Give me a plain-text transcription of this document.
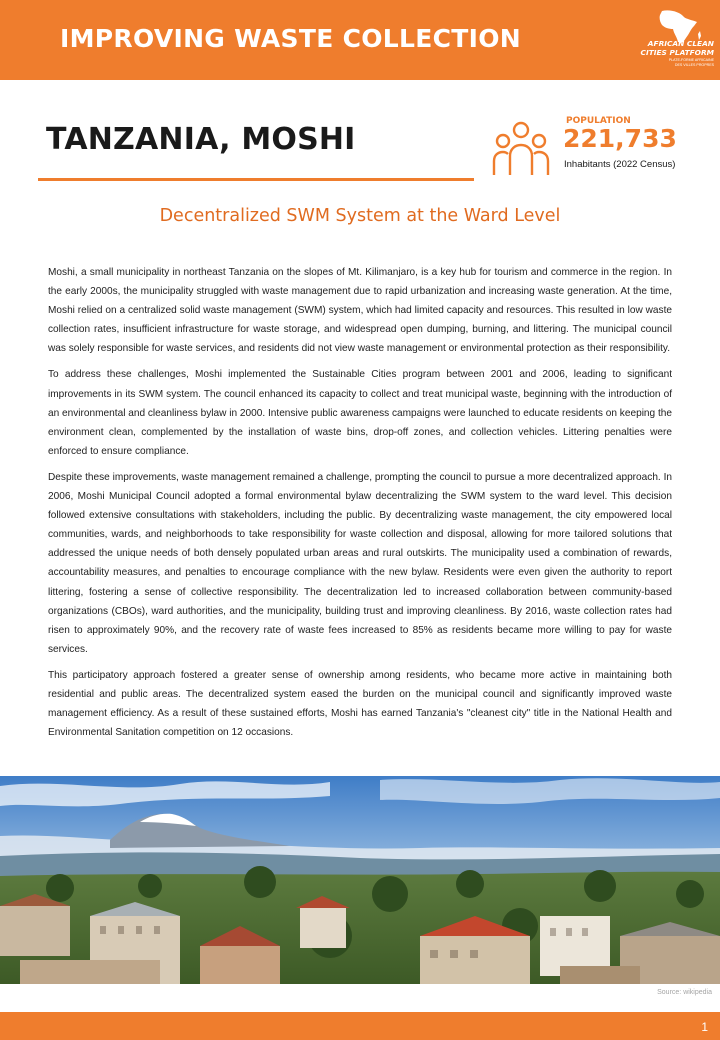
IMPROVING WASTE COLLECTION	AFRICAN CLEAN
CITIES PLATFORM
PLATE-FORME AFRICAINE
DES VILLES PROPRES
TANZANIA, MOSHI
POPULATION
221,733
Inhabitants (2022 Census)
Decentralized SWM System at the Ward Level

Moshi, a small municipality in northeast Tanzania on the slopes of Mt. Kilimanjaro, is a key hub for tourism and commerce in the region. In the early 2000s, the municipality struggled with waste management due to rapid urbanization and increasing waste generation. At the time, Moshi relied on a centralized solid waste management (SWM) system, which had limited capacity and resources. This resulted in low waste collection rates, insufficient infrastructure for waste storage, and widespread open dumping, burning, and littering. The municipal council was solely responsible for waste services, and residents did not view waste management or environmental protection as their responsibility.

To address these challenges, Moshi implemented the Sustainable Cities program between 2001 and 2006, leading to significant improvements in its SWM system. The council enhanced its capacity to collect and treat municipal waste, beginning with the introduction of an environmental and cleanliness bylaw in 2000. Intensive public awareness campaigns were launched to educate residents on keeping the environment clean, complemented by the installation of waste bins, drop-off zones, and collection vehicles. Littering penalties were enforced to ensure compliance.

Despite these improvements, waste management remained a challenge, prompting the council to pursue a more decentralized approach. In 2006, Moshi Municipal Council adopted a formal environmental bylaw decentralizing the SWM system to the ward level. This decision followed extensive consultations with stakeholders, including the public. By decentralizing waste management, the city empowered local communities, wards, and neighborhoods to take responsibility for waste collection and disposal, allowing for more tailored solutions that addressed the unique needs of both densely populated urban areas and rural outskirts. The municipality used a combination of rewards, accountability measures, and penalties to encourage compliance with the new bylaw. Residents were even given the authority to report littering, fostering a sense of collective responsibility. The decentralization led to increased collaboration between community-based organizations (CBOs), ward authorities, and the municipality, building trust and improving cleanliness. By 2016, waste collection rates had risen to approximately 90%, and the recovery rate of waste fees increased to 85% as residents became more willing to pay for waste services.

This participatory approach fostered a greater sense of ownership among residents, who became more active in maintaining both residential and public areas. The decentralized system eased the burden on the municipal council and significantly improved waste management efficiency. As a result of these sustained efforts, Moshi has earned Tanzania's "cleanest city" title in the National Health and Environmental Sanitation competition on 12 occasions.

Source: wikipedia
1
